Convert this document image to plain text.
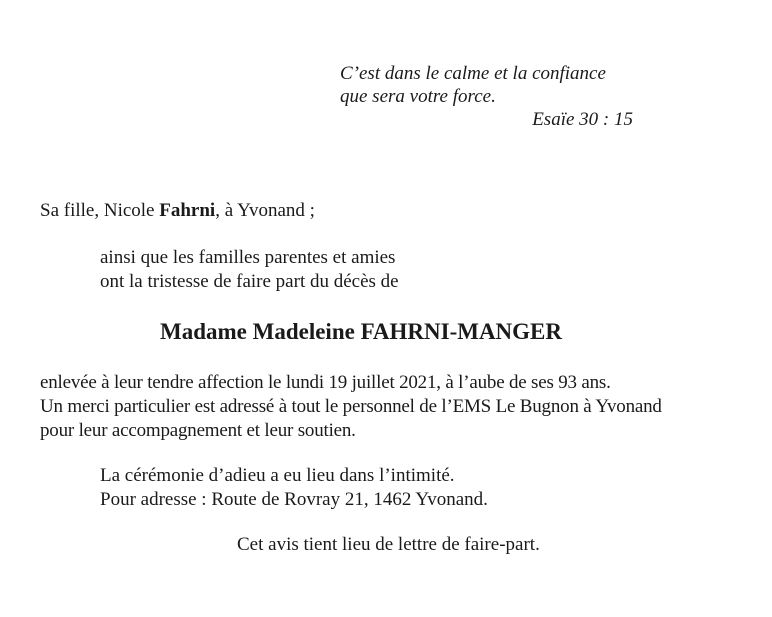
C’est dans le calme et la confiance
que sera votre force.
Esaïe 30 : 15

Sa fille, Nicole Fahrni, à Yvonand ;

ainsi que les familles parentes et amies
ont la tristesse de faire part du décès de

Madame Madeleine FAHRNI-MANGER

enlevée à leur tendre affection le lundi 19 juillet 2021, à l’aube de ses 93 ans.
Un merci particulier est adressé à tout le personnel de l’EMS Le Bugnon à Yvonand
pour leur accompagnement et leur soutien.

La cérémonie d’adieu a eu lieu dans l’intimité.
Pour adresse : Route de Rovray 21, 1462 Yvonand.

Cet avis tient lieu de lettre de faire-part.
